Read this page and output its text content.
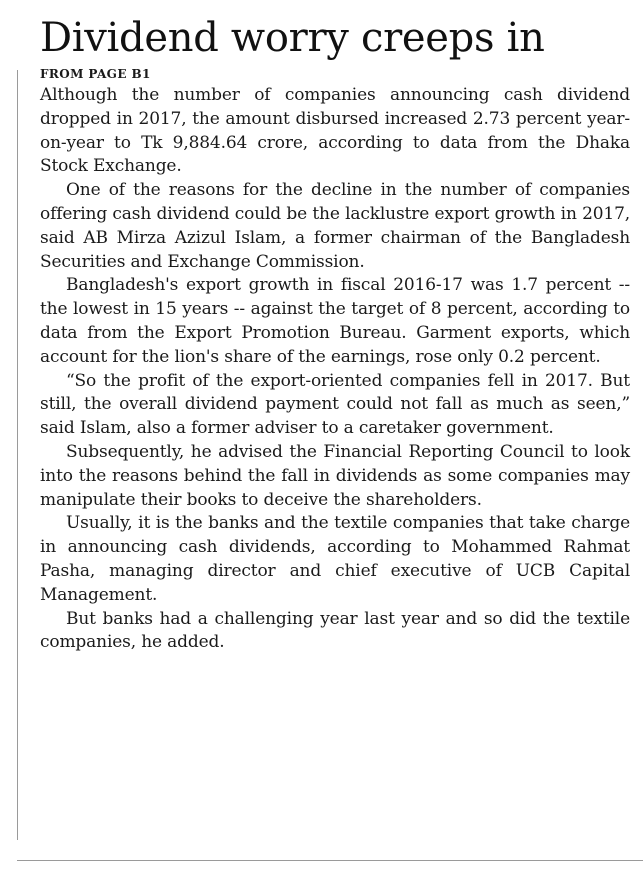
Dividend worry creeps in
FROM PAGE B1

Although the number of companies announcing cash dividend dropped in 2017, the amount disbursed increased 2.73 percent year-on-year to Tk 9,884.64 crore, according to data from the Dhaka Stock Exchange.

One of the reasons for the decline in the number of companies offering cash dividend could be the lacklustre export growth in 2017, said AB Mirza Azizul Islam, a former chairman of the Bangladesh Securities and Exchange Commission.

Bangladesh's export growth in fiscal 2016-17 was 1.7 percent -- the lowest in 15 years -- against the target of 8 percent, according to data from the Export Promotion Bureau. Garment exports, which account for the lion's share of the earnings, rose only 0.2 percent.

“So the profit of the export-oriented companies fell in 2017. But still, the overall dividend payment could not fall as much as seen,” said Islam, also a former adviser to a caretaker government.

Subsequently, he advised the Financial Reporting Council to look into the reasons behind the fall in dividends as some companies may manipulate their books to deceive the shareholders.

Usually, it is the banks and the textile companies that take charge in announcing cash dividends, according to Mohammed Rahmat Pasha, managing director and chief executive of UCB Capital Management.

But banks had a challenging year last year and so did the textile companies, he added.
